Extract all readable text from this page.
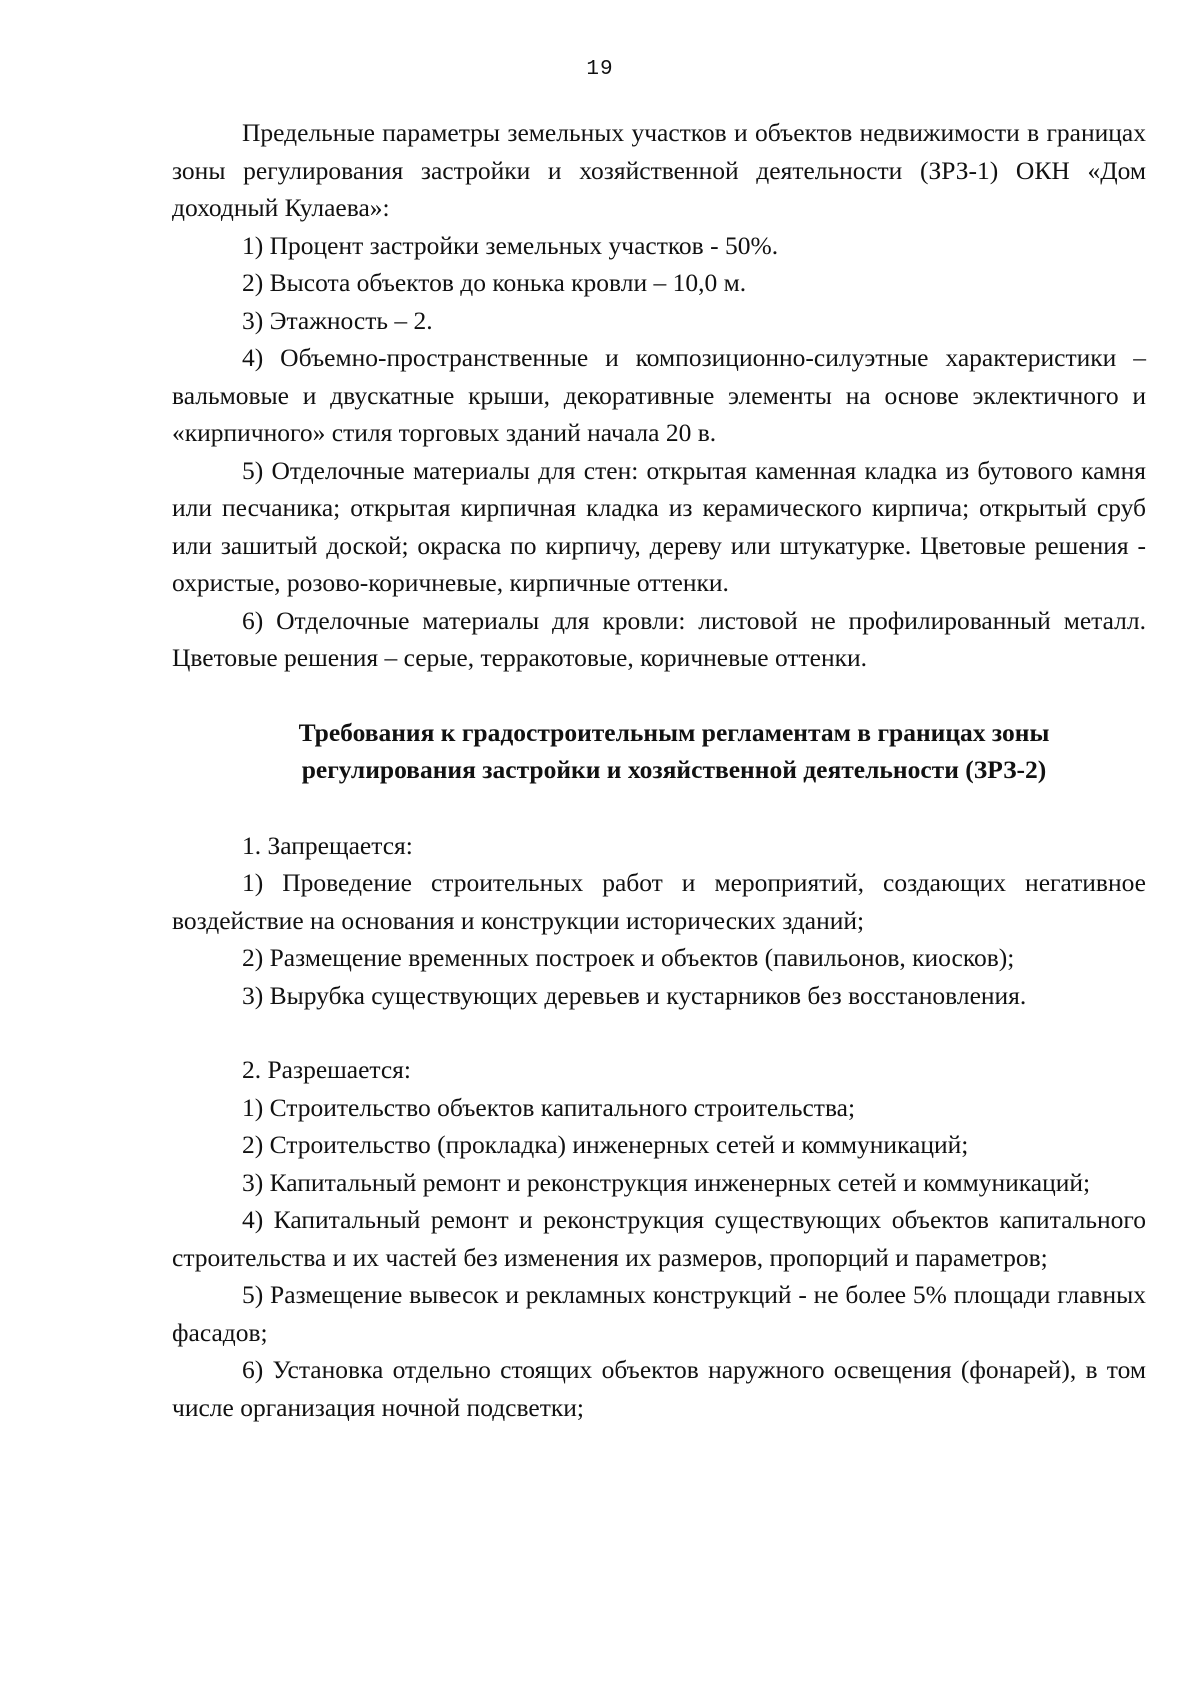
19

Предельные параметры земельных участков и объектов недвижимости в границах зоны регулирования застройки и хозяйственной деятельности (ЗРЗ-1) ОКН «Дом доходный Кулаева»:

1) Процент застройки земельных участков - 50%.

2) Высота объектов до конька кровли – 10,0 м.

3) Этажность – 2.

4) Объемно-пространственные и композиционно-силуэтные характеристики – вальмовые и двускатные крыши, декоративные элементы на основе эклектичного и «кирпичного» стиля торговых зданий начала 20 в.

5) Отделочные материалы для стен: открытая каменная кладка из бутового камня или песчаника; открытая кирпичная кладка из керамического кирпича; открытый сруб или зашитый доской; окраска по кирпичу, дереву или штукатурке. Цветовые решения - охристые, розово-коричневые, кирпичные оттенки.

6) Отделочные материалы для кровли: листовой не профилированный металл. Цветовые решения – серые, терракотовые, коричневые оттенки.

Требования к градостроительным регламентам в границах зоны

регулирования застройки и хозяйственной деятельности (ЗРЗ-2)

1. Запрещается:

1) Проведение строительных работ и мероприятий, создающих негативное воздействие на основания и конструкции исторических зданий;

2) Размещение временных построек и объектов (павильонов, киосков);

3) Вырубка существующих деревьев и кустарников без восстановления.

2. Разрешается:

1) Строительство объектов капитального строительства;

2) Строительство (прокладка) инженерных сетей и коммуникаций;

3) Капитальный ремонт и реконструкция инженерных сетей и коммуникаций;

4) Капитальный ремонт и реконструкция существующих объектов капитального строительства и их частей без изменения их размеров, пропорций и параметров;

5) Размещение вывесок и рекламных конструкций - не более 5% площади главных фасадов;

6) Установка отдельно стоящих объектов наружного освещения (фонарей), в том числе организация ночной подсветки;
